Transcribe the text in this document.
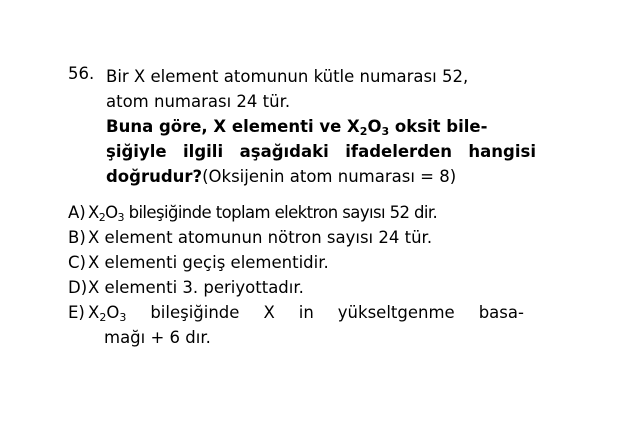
56. Bir X element atomunun kütle numarası 52,
atom numarası 24 tür.
Buna göre, X elementi ve $X_2O_3$ oksit bile-
şiğiyle ilgili aşağıdaki ifadelerden hangisi
doğrudur?(Oksijenin atom numarası = 8)
A) $X_2O_3$ bileşiğinde toplam elektron sayısı 52 dir.
B) X element atomunun nötron sayısı 24 tür.
C) X elementi geçiş elementidir.
D) X elementi 3. periyottadır.
E) $X_2O_3$ bileşiğinde X in yükseltgenme basa-
mağı + 6 dır.
